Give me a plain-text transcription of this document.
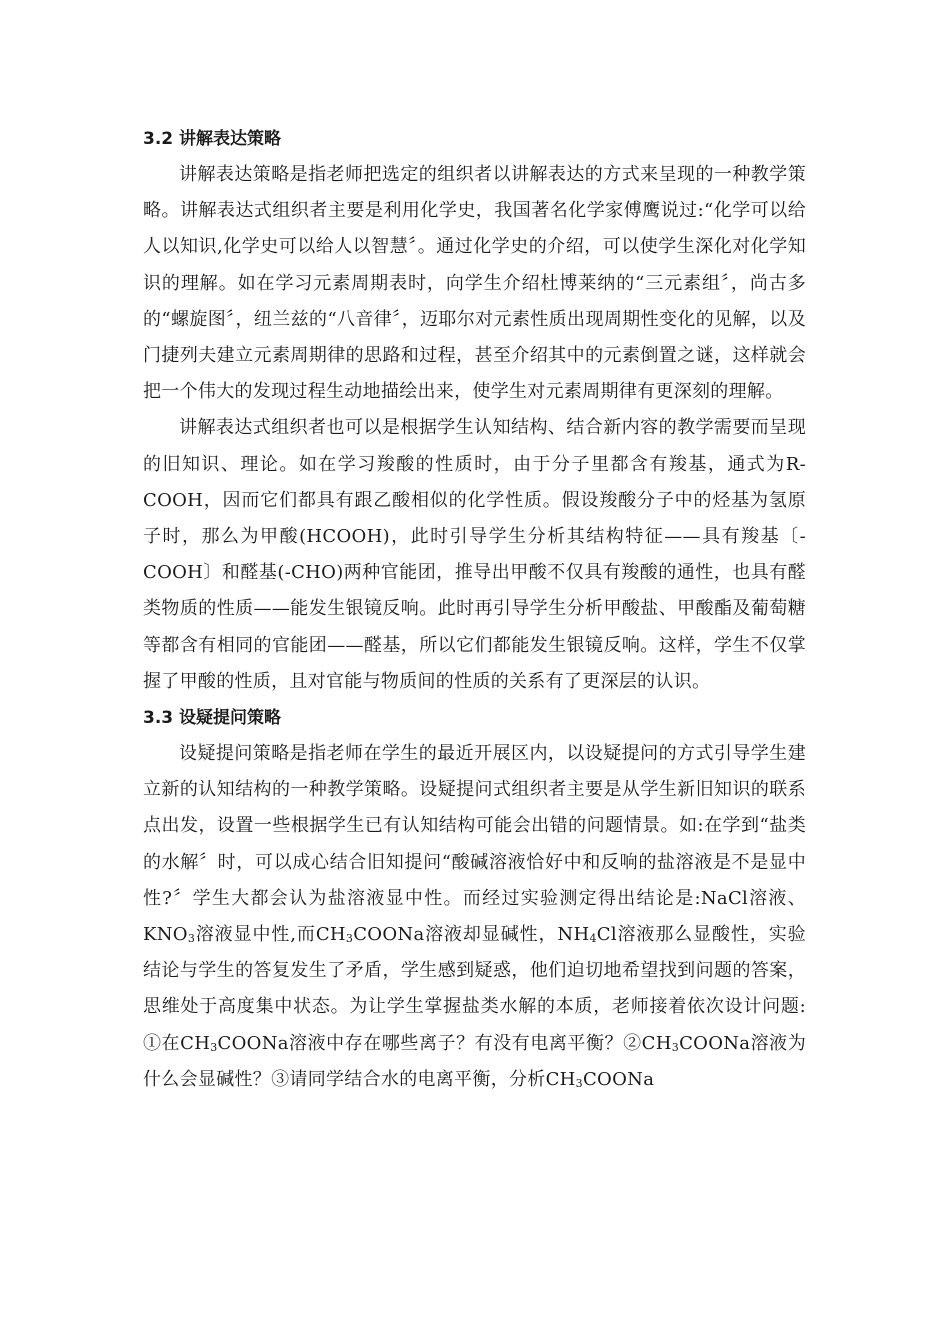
3.2 讲解表达策略

讲解表达策略是指老师把选定的组织者以讲解表达的方式来呈现的一种教学策略。讲解表达式组织者主要是利用化学史，我国著名化学家傅鹰说过:“化学可以给人以知识,化学史可以给人以智慧〞。通过化学史的介绍，可以使学生深化对化学知识的理解。如在学习元素周期表时，向学生介绍杜博莱纳的“三元素组〞，尚古多的“螺旋图〞，纽兰兹的“八音律〞，迈耶尔对元素性质出现周期性变化的见解，以及门捷列夫建立元素周期律的思路和过程，甚至介绍其中的元素倒置之谜，这样就会把一个伟大的发现过程生动地描绘出来，使学生对元素周期律有更深刻的理解。

讲解表达式组织者也可以是根据学生认知结构、结合新内容的教学需要而呈现的旧知识、理论。如在学习羧酸的性质时，由于分子里都含有羧基，通式为R-COOH，因而它们都具有跟乙酸相似的化学性质。假设羧酸分子中的烃基为氢原子时，那么为甲酸(HCOOH)，此时引导学生分析其结构特征——具有羧基〔-COOH〕和醛基(-CHO)两种官能团，推导出甲酸不仅具有羧酸的通性，也具有醛类物质的性质——能发生银镜反响。此时再引导学生分析甲酸盐、甲酸酯及葡萄糖等都含有相同的官能团——醛基，所以它们都能发生银镜反响。这样，学生不仅掌握了甲酸的性质，且对官能与物质间的性质的关系有了更深层的认识。

3.3 设疑提问策略

设疑提问策略是指老师在学生的最近开展区内，以设疑提问的方式引导学生建立新的认知结构的一种教学策略。设疑提问式组织者主要是从学生新旧知识的联系点出发，设置一些根据学生已有认知结构可能会出错的问题情景。如:在学到“盐类的水解〞时，可以成心结合旧知提问“酸碱溶液恰好中和反响的盐溶液是不是显中性?〞学生大都会认为盐溶液显中性。而经过实验测定得出结论是:NaCl溶液、$KNO_3$溶液显中性,而$CH_3COONa$溶液却显碱性，$NH_4Cl$溶液那么显酸性，实验结论与学生的答复发生了矛盾，学生感到疑惑，他们迫切地希望找到问题的答案，思维处于高度集中状态。为让学生掌握盐类水解的本质，老师接着依次设计问题: ①在$CH_3COONa$溶液中存在哪些离子？有没有电离平衡？$②CH_3COONa$溶液为什么会显碱性？③请同学结合水的电离平衡，分析$CH_3COONa$
